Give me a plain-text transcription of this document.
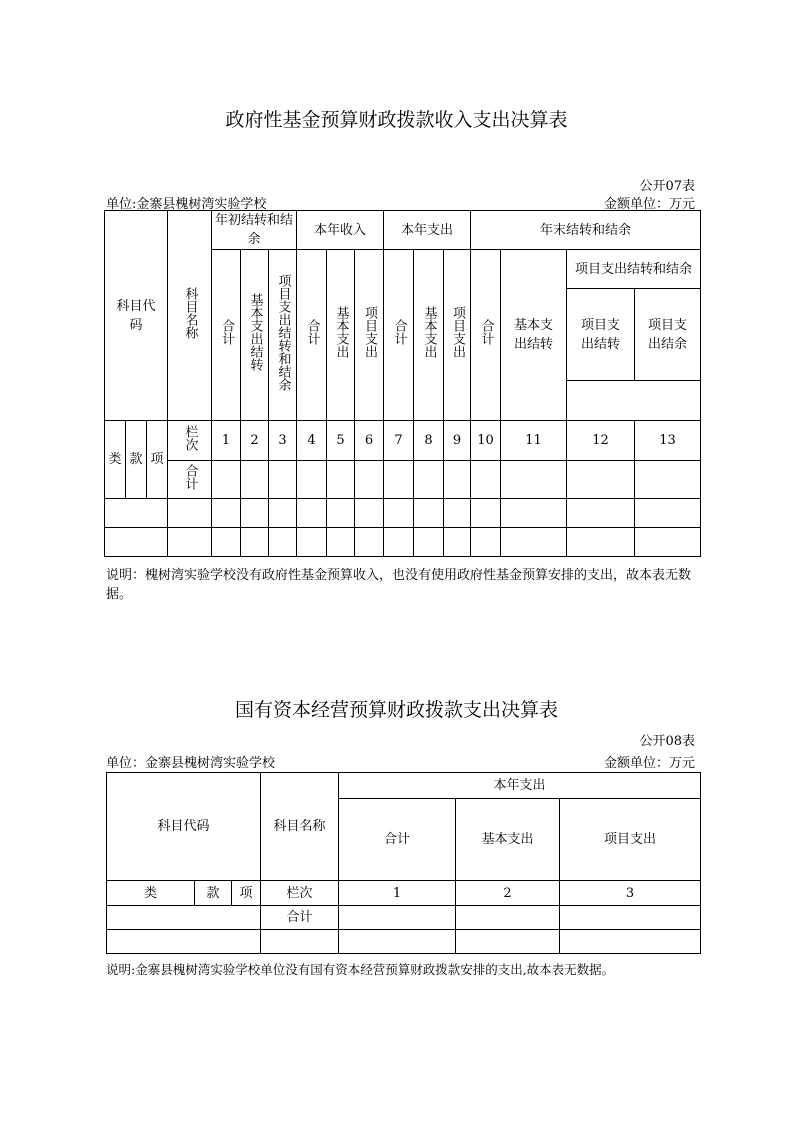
政府性基金预算财政拨款收入支出决算表
公开07表
单位:金寨县槐树湾实验学校	金额单位：万元
科目代码			科目名称	年初结转和结余			本年收入			本年支出			年末结转和结余			
				合计	基本支出结转	项目支出结转和结余	合计	基本支出	项目支出	合计	基本支出	项目支出	合计	基本支出结转	项目支出结转和结余	
															项目支出结转	项目支出结余

类	款	项	栏次	1	2	3	4	5	6	7	8	9	10	11	12	13
			合计													

说明：槐树湾实验学校没有政府性基金预算收入，也没有使用政府性基金预算安排的支出，故本表无数据。
国有资本经营预算财政拨款支出决算表
公开08表
单位：金寨县槐树湾实验学校	金额单位：万元
科目代码			科目名称	本年支出		
				合计	基本支出	项目支出
类	款	项	栏次	1	2	3
			合计			

说明:金寨县槐树湾实验学校单位没有国有资本经营预算财政拨款安排的支出,故本表无数据。
